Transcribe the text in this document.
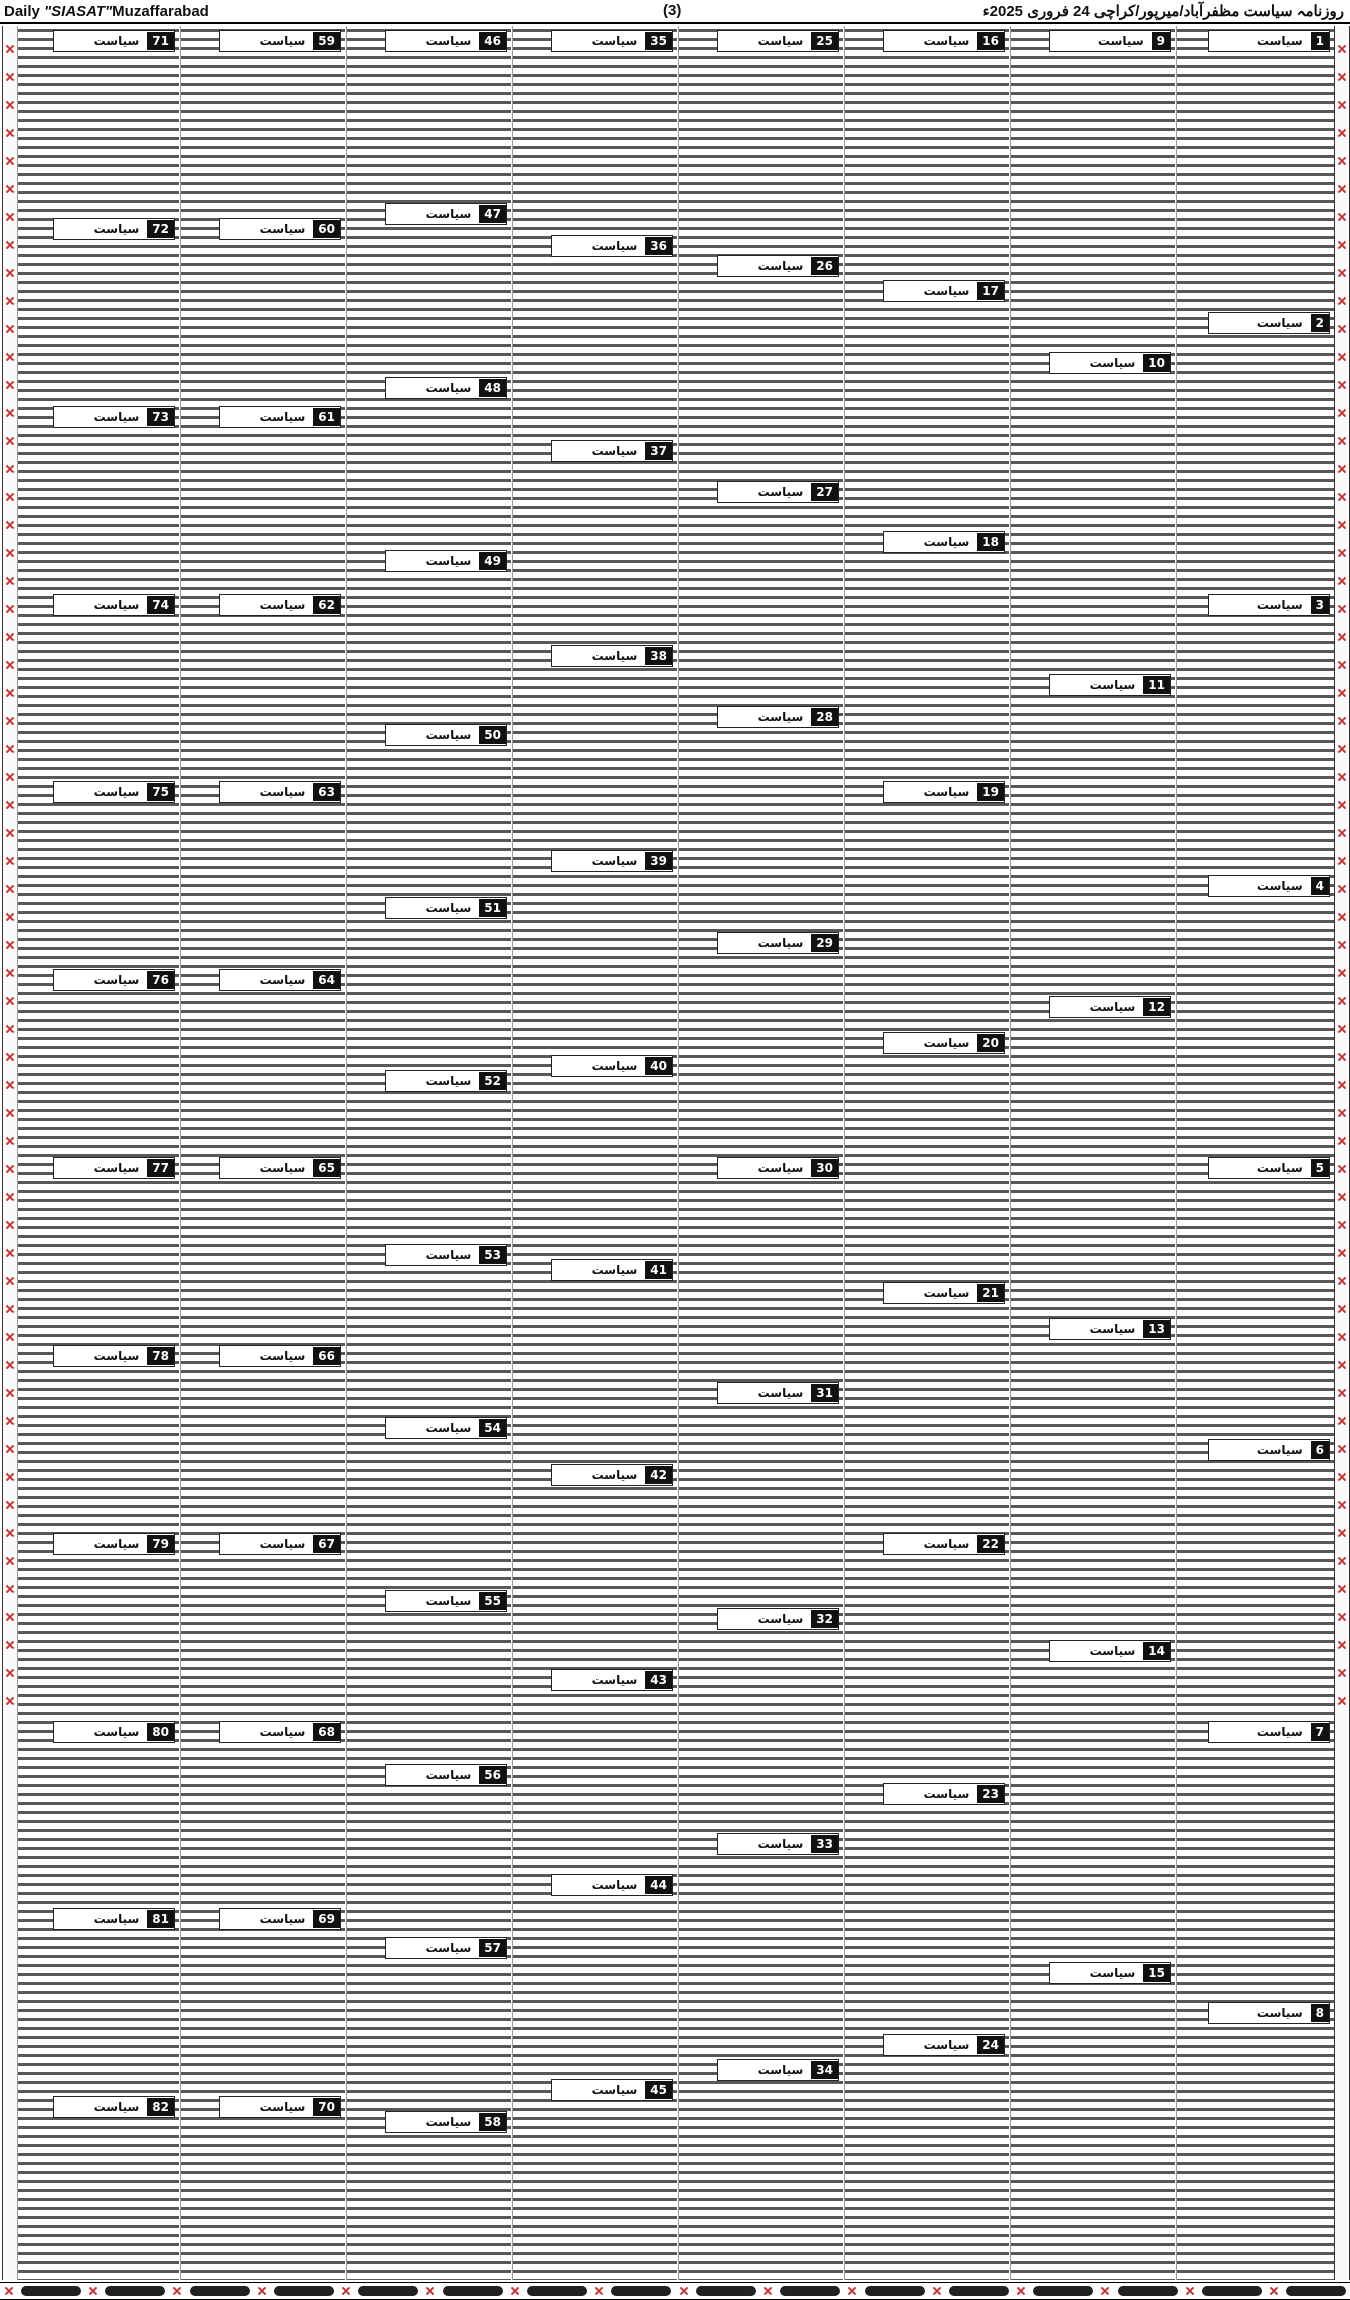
Daily "SIASAT"Muzaffarabad	(3)	روزنامہ سیاست مظفرآباد/میرپور/کراچی 24 فروری 2025ء
1
سیاست
2
سیاست
3
سیاست
4
سیاست
5
سیاست
6
سیاست
7
سیاست
8
سیاست
9
سیاست
10
سیاست
11
سیاست
12
سیاست
13
سیاست
14
سیاست
15
سیاست
16
سیاست
17
سیاست
18
سیاست
19
سیاست
20
سیاست
21
سیاست
22
سیاست
23
سیاست
24
سیاست
25
سیاست
26
سیاست
27
سیاست
28
سیاست
29
سیاست
30
سیاست
31
سیاست
32
سیاست
33
سیاست
34
سیاست
35
سیاست
36
سیاست
37
سیاست
38
سیاست
39
سیاست
40
سیاست
41
سیاست
42
سیاست
43
سیاست
44
سیاست
45
سیاست
46
سیاست
47
سیاست
48
سیاست
49
سیاست
50
سیاست
51
سیاست
52
سیاست
53
سیاست
54
سیاست
55
سیاست
56
سیاست
57
سیاست
58
سیاست
59
سیاست
60
سیاست
61
سیاست
62
سیاست
63
سیاست
64
سیاست
65
سیاست
66
سیاست
67
سیاست
68
سیاست
69
سیاست
70
سیاست
71
سیاست
72
سیاست
73
سیاست
74
سیاست
75
سیاست
76
سیاست
77
سیاست
78
سیاست
79
سیاست
80
سیاست
81
سیاست
82
سیاست
